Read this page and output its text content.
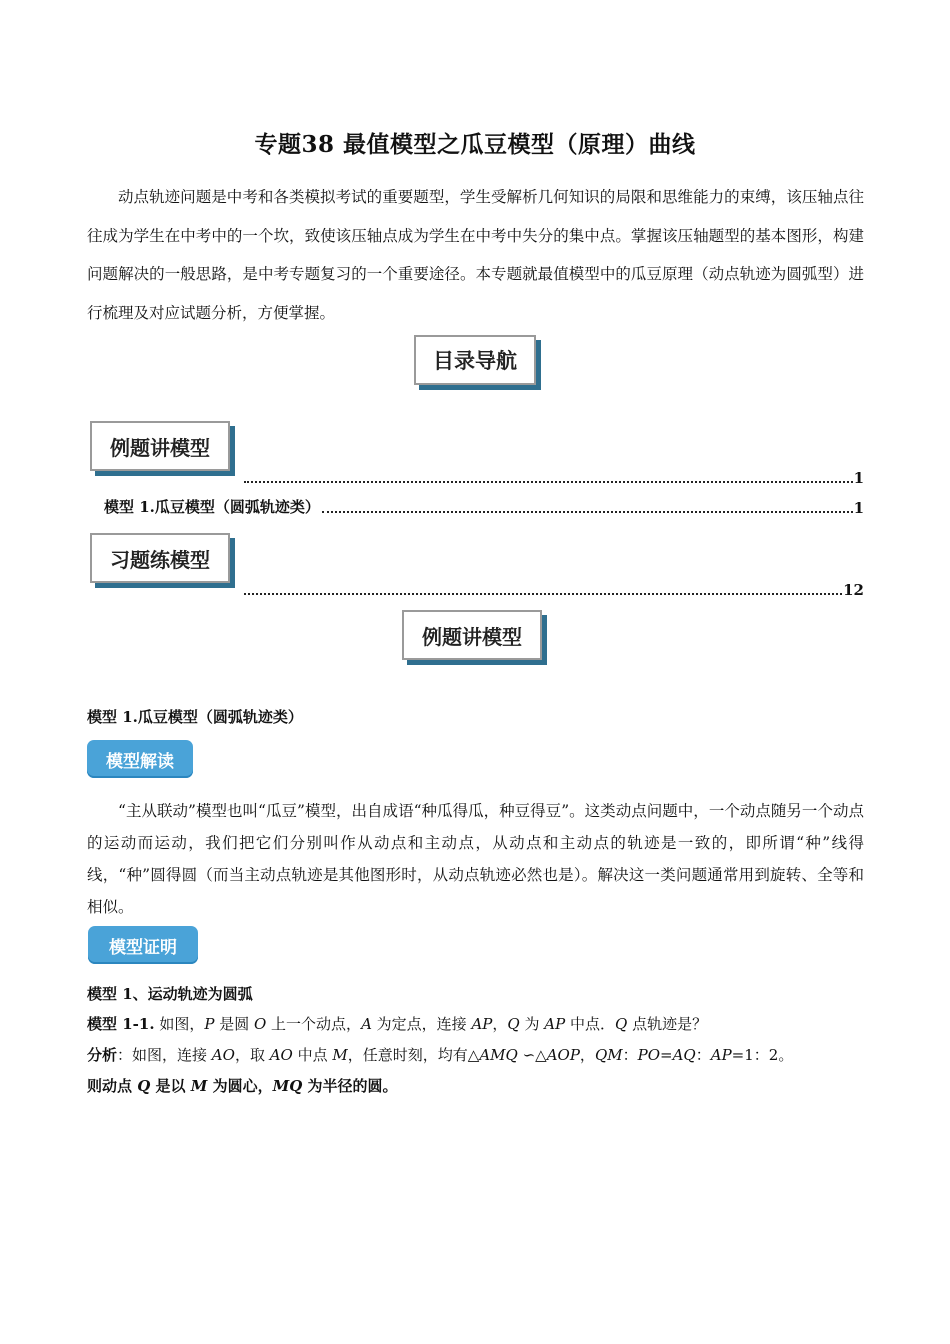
专题38 最值模型之瓜豆模型（原理）曲线

动点轨迹问题是中考和各类模拟考试的重要题型，学生受解析几何知识的局限和思维能力的束缚，该压轴点往往成为学生在中考中的一个坎，致使该压轴点成为学生在中考中失分的集中点。掌握该压轴题型的基本图形，构建问题解决的一般思路，是中考专题复习的一个重要途径。本专题就最值模型中的瓜豆原理（动点轨迹为圆弧型）进行梳理及对应试题分析，方便掌握。

目录导航
例题讲模型
1
模型 1.瓜豆模型（圆弧轨迹类）	1
习题练模型
12
例题讲模型
模型 1.瓜豆模型（圆弧轨迹类）
模型解读

“主从联动”模型也叫“瓜豆”模型，出自成语“种瓜得瓜，种豆得豆”。这类动点问题中，一个动点随另一个动点的运动而运动，我们把它们分别叫作从动点和主动点，从动点和主动点的轨迹是一致的，即所谓“种”线得线，“种”圆得圆（而当主动点轨迹是其他图形时，从动点轨迹必然也是）。解决这一类问题通常用到旋转、全等和相似。

模型证明
模型 1、运动轨迹为圆弧
模型 1-1. 如图，P 是圆 O 上一个动点，A 为定点，连接 AP，Q 为 AP 中点．Q 点轨迹是？
分析：如图，连接 AO，取 AO 中点 M，任意时刻，均有△AMQ ∽△AOP，QM：PO=AQ：AP=1：2。
则动点 Q 是以 M 为圆心，MQ 为半径的圆。
